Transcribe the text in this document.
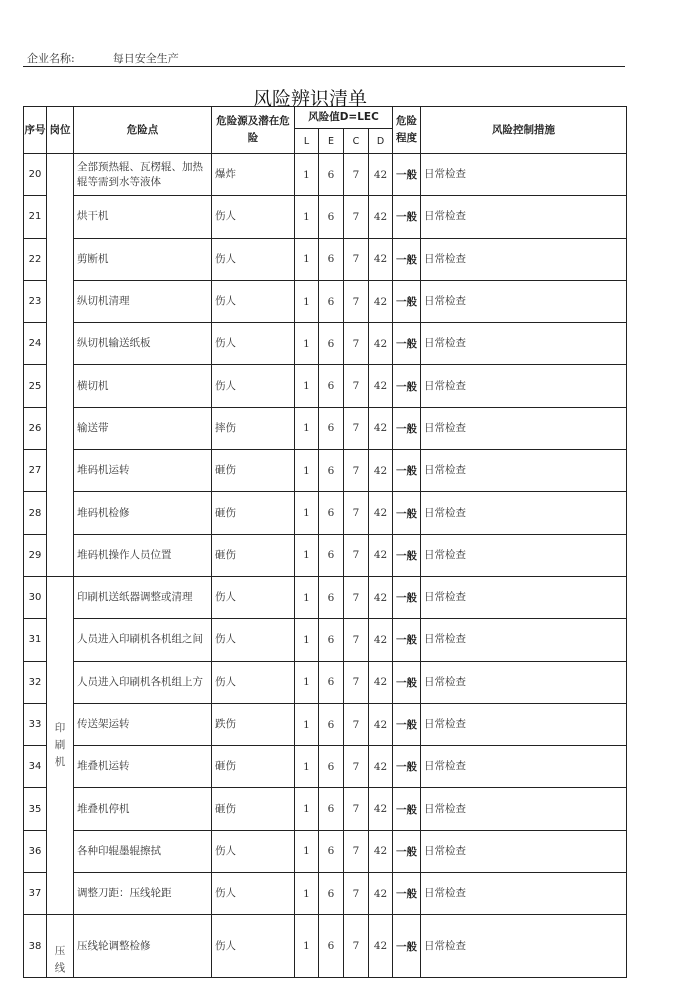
企业名称:	每日安全生产
风险辨识清单
序号	岗位	危险点	危险源及潜在危险	风险值D=LEC				危险程度	风险控制措施
				L	E	C	D		
20		全部预热辊、瓦楞辊、加热辊等需到水等液体	爆炸	1	6	7	42	一般	日常检查
21		烘干机	伤人	1	6	7	42	一般	日常检查
22		剪断机	伤人	1	6	7	42	一般	日常检查
23		纵切机清理	伤人	1	6	7	42	一般	日常检查
24		纵切机输送纸板	伤人	1	6	7	42	一般	日常检查
25		横切机	伤人	1	6	7	42	一般	日常检查
26		输送带	摔伤	1	6	7	42	一般	日常检查
27		堆码机运转	砸伤	1	6	7	42	一般	日常检查
28		堆码机检修	砸伤	1	6	7	42	一般	日常检查
29		堆码机操作人员位置	砸伤	1	6	7	42	一般	日常检查
30	印刷机	印刷机送纸器调整或清理	伤人	1	6	7	42	一般	日常检查
31		人员进入印刷机各机组之间	伤人	1	6	7	42	一般	日常检查
32		人员进入印刷机各机组上方	伤人	1	6	7	42	一般	日常检查
33		传送架运转	跌伤	1	6	7	42	一般	日常检查
34		堆叠机运转	砸伤	1	6	7	42	一般	日常检查
35		堆叠机停机	砸伤	1	6	7	42	一般	日常检查
36		各种印辊墨辊擦拭	伤人	1	6	7	42	一般	日常检查
37		调整刀距：压线轮距	伤人	1	6	7	42	一般	日常检查
38	压线	压线轮调整检修	伤人	1	6	7	42	一般	日常检查
